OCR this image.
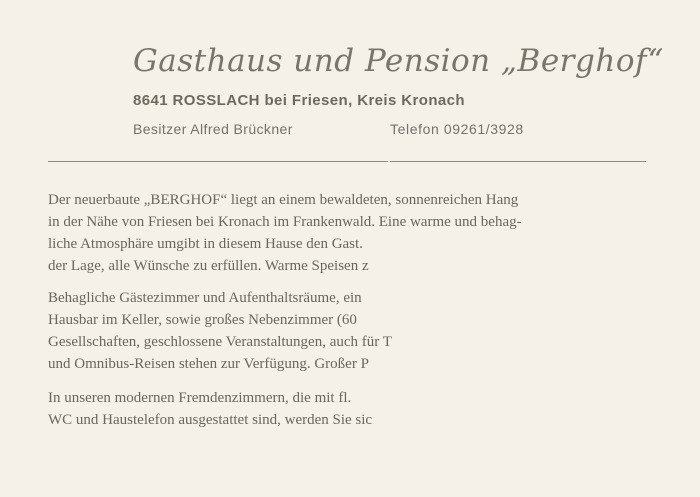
Gasthaus und Pension „Berghof“
8641 ROSSLACH bei Friesen, Kreis Kronach
Besitzer Alfred Brückner	Telefon 09261/3928
Der neuerbaute „BERGHOF“ liegt an einem bewaldeten, sonnenreichen Hang
in der Nähe von Friesen bei Kronach im Frankenwald. Eine warme und behag-
liche Atmosphäre umgibt in diesem Hause den Gast.
der Lage, alle Wünsche zu erfüllen. Warme Speisen z
Behagliche Gästezimmer und Aufenthaltsräume, ein
Hausbar im Keller, sowie großes Nebenzimmer (60
Gesellschaften, geschlossene Veranstaltungen, auch für T
und Omnibus-Reisen stehen zur Verfügung. Großer P
In unseren modernen Fremdenzimmern, die mit fl.
WC und Haustelefon ausgestattet sind, werden Sie sic
